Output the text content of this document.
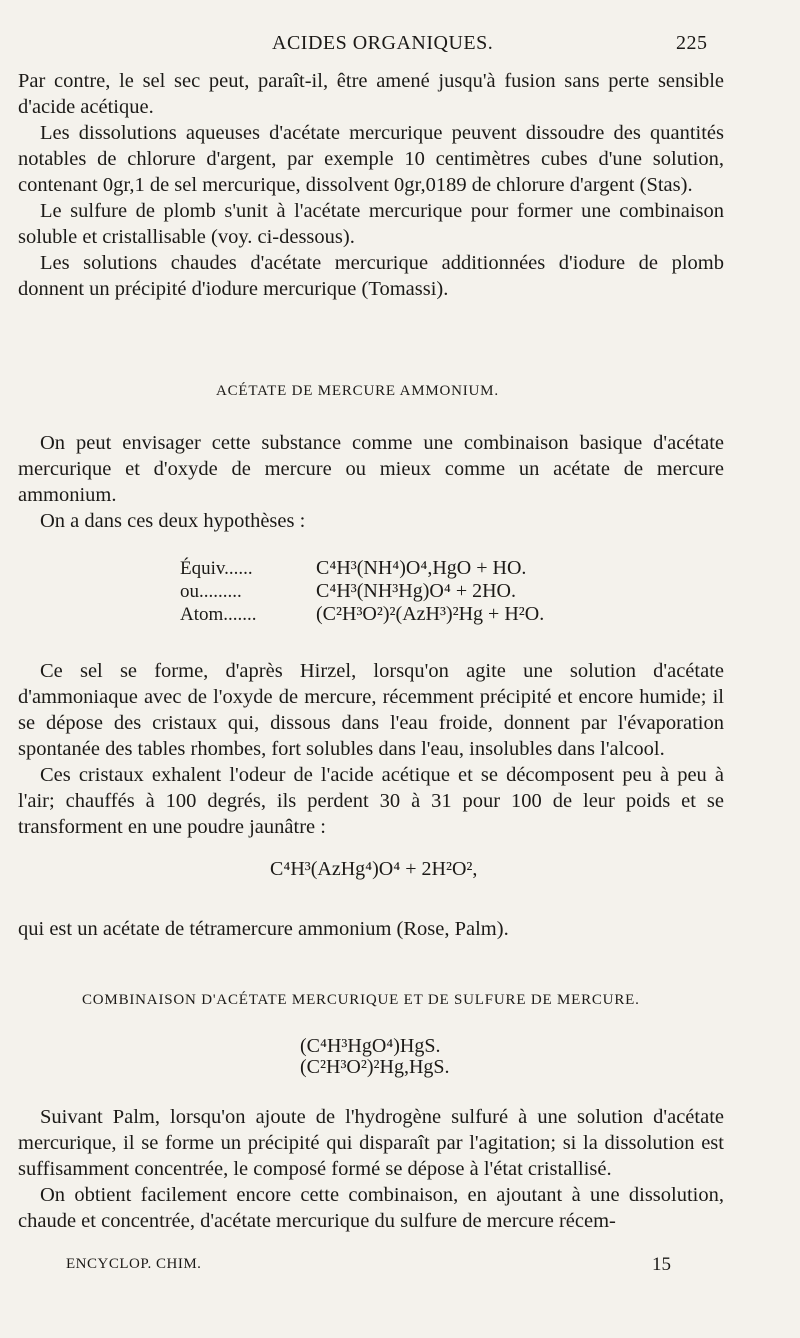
ACIDES ORGANIQUES.	225

Par contre, le sel sec peut, paraît-il, être amené jusqu'à fusion sans perte sensible d'acide acétique.

Les dissolutions aqueuses d'acétate mercurique peuvent dissoudre des quantités notables de chlorure d'argent, par exemple 10 centimètres cubes d'une solution, contenant 0gr,1 de sel mercurique, dissolvent 0gr,0189 de chlorure d'argent (Stas).

Le sulfure de plomb s'unit à l'acétate mercurique pour former une combinaison soluble et cristallisable (voy. ci-dessous).

Les solutions chaudes d'acétate mercurique additionnées d'iodure de plomb donnent un précipité d'iodure mercurique (Tomassi).

ACÉTATE DE MERCURE AMMONIUM.

On peut envisager cette substance comme une combinaison basique d'acétate mercurique et d'oxyde de mercure ou mieux comme un acétate de mercure ammonium.

On a dans ces deux hypothèses :

Équiv......	C⁴H³(NH⁴)O⁴,HgO + HO.
ou.........	C⁴H³(NH³Hg)O⁴ + 2HO.
Atom.......	(C²H³O²)²(AzH³)²Hg + H²O.

Ce sel se forme, d'après Hirzel, lorsqu'on agite une solution d'acétate d'ammoniaque avec de l'oxyde de mercure, récemment précipité et encore humide; il se dépose des cristaux qui, dissous dans l'eau froide, donnent par l'évaporation spontanée des tables rhombes, fort solubles dans l'eau, insolubles dans l'alcool.

Ces cristaux exhalent l'odeur de l'acide acétique et se décomposent peu à peu à l'air; chauffés à 100 degrés, ils perdent 30 à 31 pour 100 de leur poids et se transforment en une poudre jaunâtre :

C⁴H³(AzHg⁴)O⁴ + 2H²O²,

qui est un acétate de tétramercure ammonium (Rose, Palm).

COMBINAISON D'ACÉTATE MERCURIQUE ET DE SULFURE DE MERCURE.
(C⁴H³HgO⁴)HgS.
(C²H³O²)²Hg,HgS.

Suivant Palm, lorsqu'on ajoute de l'hydrogène sulfuré à une solution d'acétate mercurique, il se forme un précipité qui disparaît par l'agitation; si la dissolution est suffisamment concentrée, le composé formé se dépose à l'état cristallisé.

On obtient facilement encore cette combinaison, en ajoutant à une dissolution, chaude et concentrée, d'acétate mercurique du sulfure de mercure récem-

ENCYCLOP. CHIM.	15
